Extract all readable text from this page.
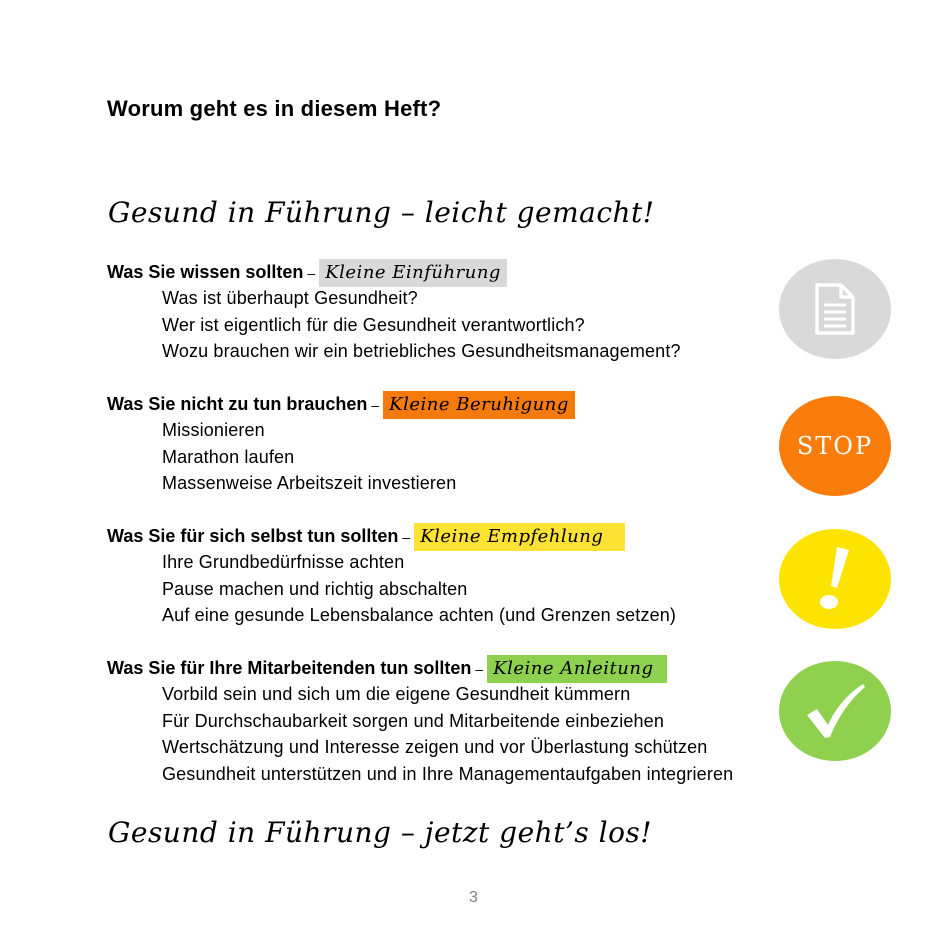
Worum geht es in diesem Heft?
Gesund in Führung – leicht gemacht!
Was Sie wissen sollten – Kleine Einführung
Was ist überhaupt Gesundheit?
Wer ist eigentlich für die Gesundheit verantwortlich?
Wozu brauchen wir ein betriebliches Gesundheitsmanagement?
Was Sie nicht zu tun brauchen – Kleine Beruhigung
Missionieren
Marathon laufen
Massenweise Arbeitszeit investieren
Was Sie für sich selbst tun sollten – Kleine Empfehlung
Ihre Grundbedürfnisse achten
Pause machen und richtig abschalten
Auf eine gesunde Lebensbalance achten (und Grenzen setzen)
Was Sie für Ihre Mitarbeitenden tun sollten – Kleine Anleitung
Vorbild sein und sich um die eigene Gesundheit kümmern
Für Durchschaubarkeit sorgen und Mitarbeitende einbeziehen
Wertschätzung und Interesse zeigen und vor Überlastung schützen
Gesundheit unterstützen und in Ihre Managementaufgaben integrieren
STOP
Gesund in Führung – jetzt geht’s los!
3
